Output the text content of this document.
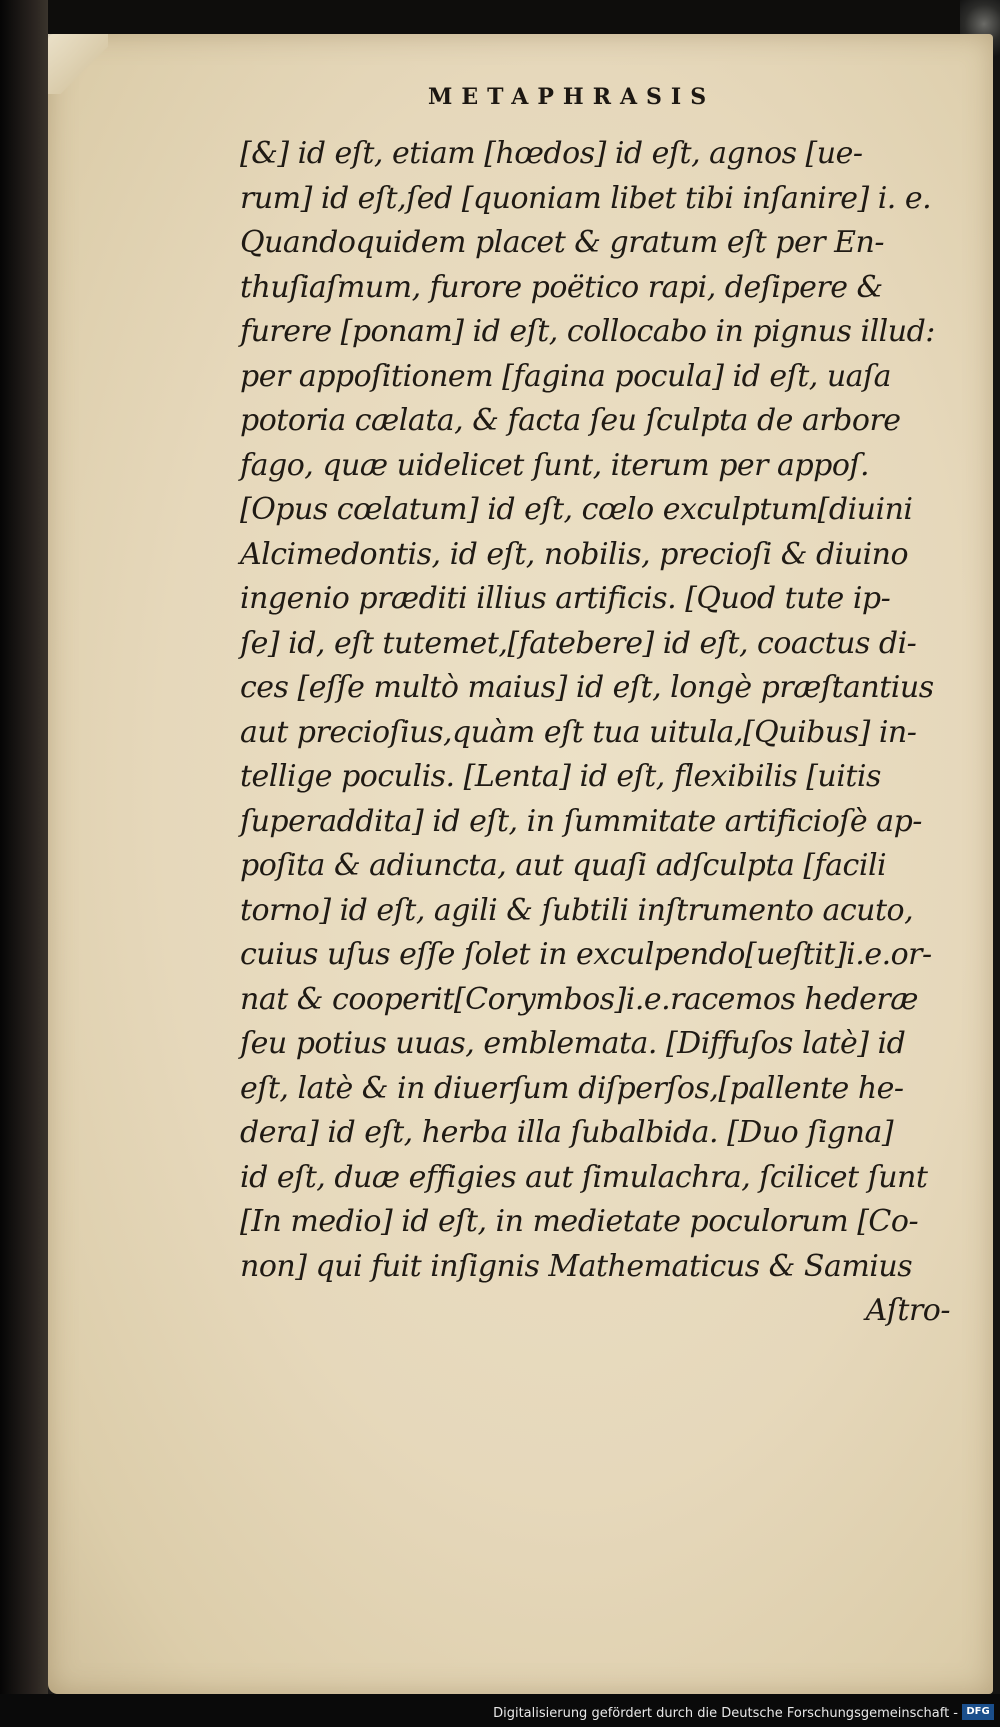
METAPHRASIS
[&] id eſt, etiam [hœdos] id eſt, agnos [ue-
rum] id eſt,ſed [quoniam libet tibi inſanire] i. e.
Quandoquidem placet & gratum eſt per En-
thuſiaſmum, furore poëtico rapi, deſipere &
furere [ponam] id eſt, collocabo in pignus illud:
per appoſitionem [fagina pocula] id eſt, uaſa
potoria cælata, & facta ſeu ſculpta de arbore
fago, quæ uidelicet ſunt, iterum per appoſ.
[Opus cœlatum] id eſt, cœlo exculptum[diuini
Alcimedontis, id eſt, nobilis, precioſi & diuino
ingenio præditi illius artificis. [Quod tute ip-
ſe] id, eſt tutemet,[fatebere] id eſt, coactus di-
ces [eſſe multò maius] id eſt, longè præſtantius
aut precioſius,quàm eſt tua uitula,[Quibus] in-
tellige poculis. [Lenta] id eſt, flexibilis [uitis
ſuperaddita] id eſt, in ſummitate artificioſè ap-
poſita & adiuncta, aut quaſi adſculpta [facili
torno] id eſt, agili & ſubtili inſtrumento acuto,
cuius uſus eſſe ſolet in exculpendo[ueſtit]i.e.or-
nat & cooperit[Corymbos]i.e.racemos hederæ
ſeu potius uuas, emblemata. [Diffuſos latè] id
eſt, latè & in diuerſum diſperſos,[pallente he-
dera] id eſt, herba illa ſubalbida. [Duo ſigna]
id eſt, duæ effigies aut ſimulachra, ſcilicet ſunt
[In medio] id eſt, in medietate poculorum [Co-
non] qui fuit inſignis Mathematicus & Samius
Aſtro-
Digitalisierung gefördert durch die Deutsche Forschungsgemeinschaft - DFG
